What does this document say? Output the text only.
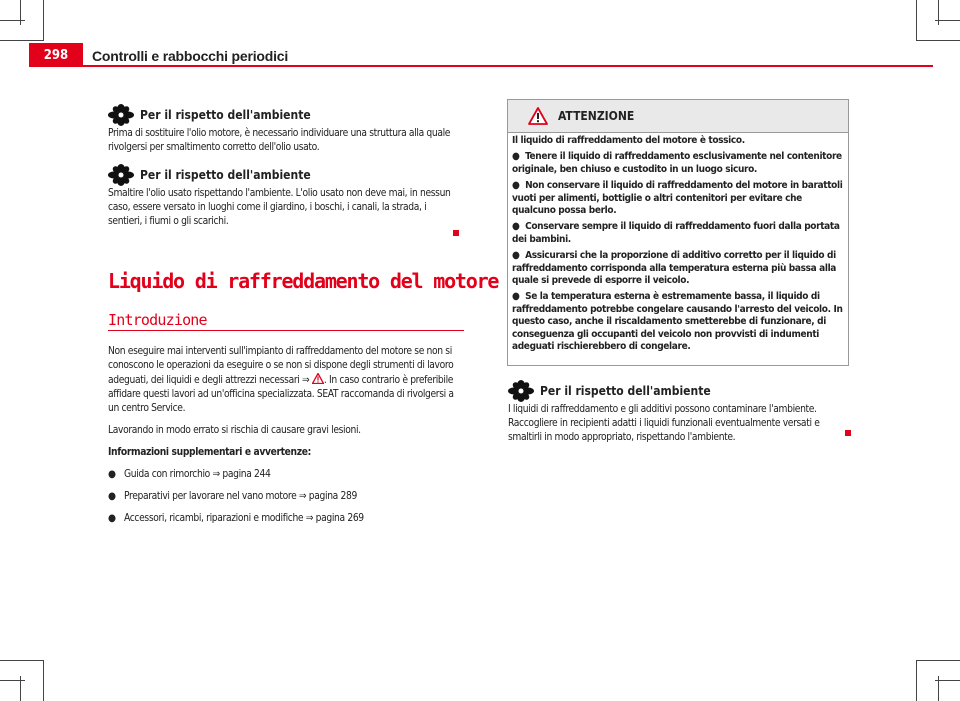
298	Controlli e rabbocchi periodici
Per il rispetto dell'ambiente

Prima di sostituire l'olio motore, è necessario individuare una struttura alla quale rivolgersi per smaltimento corretto dell'olio usato.

Per il rispetto dell'ambiente

Smaltire l'olio usato rispettando l'ambiente. L'olio usato non deve mai, in nessun caso, essere versato in luoghi come il giardino, i boschi, i canali, la strada, i sentieri, i fiumi o gli scarichi.

Liquido di raffreddamento del motore
Introduzione

Non eseguire mai interventi sull'impianto di raffreddamento del motore se non si conoscono le operazioni da eseguire o se non si dispone degli strumenti di lavoro adeguati, dei liquidi e degli attrezzi necessari ⇒ . In caso contrario è preferibile affidare questi lavori ad un'officina specializzata. SEAT raccomanda di rivolgersi a un centro Service.

Lavorando in modo errato si rischia di causare gravi lesioni.

Informazioni supplementari e avvertenze:

● Guida con rimorchio ⇒ pagina 244
● Preparativi per lavorare nel vano motore ⇒ pagina 289
● Accessori, ricambi, riparazioni e modifiche ⇒ pagina 269
ATTENZIONE

Il liquido di raffreddamento del motore è tossico.

● Tenere il liquido di raffreddamento esclusivamente nel contenitore originale, ben chiuso e custodito in un luogo sicuro.

● Non conservare il liquido di raffreddamento del motore in barattoli vuoti per alimenti, bottiglie o altri contenitori per evitare che qualcuno possa berlo.

● Conservare sempre il liquido di raffreddamento fuori dalla portata dei bambini.

● Assicurarsi che la proporzione di additivo corretto per il liquido di raffreddamento corrisponda alla temperatura esterna più bassa alla quale si prevede di esporre il veicolo.

● Se la temperatura esterna è estremamente bassa, il liquido di raffreddamento potrebbe congelare causando l'arresto del veicolo. In questo caso, anche il riscaldamento smetterebbe di funzionare, di conseguenza gli occupanti del veicolo non provvisti di indumenti adeguati rischierebbero di congelare.

Per il rispetto dell'ambiente

I liquidi di raffreddamento e gli additivi possono contaminare l'ambiente. Raccogliere in recipienti adatti i liquidi funzionali eventualmente versati e smaltirli in modo appropriato, rispettando l'ambiente.
